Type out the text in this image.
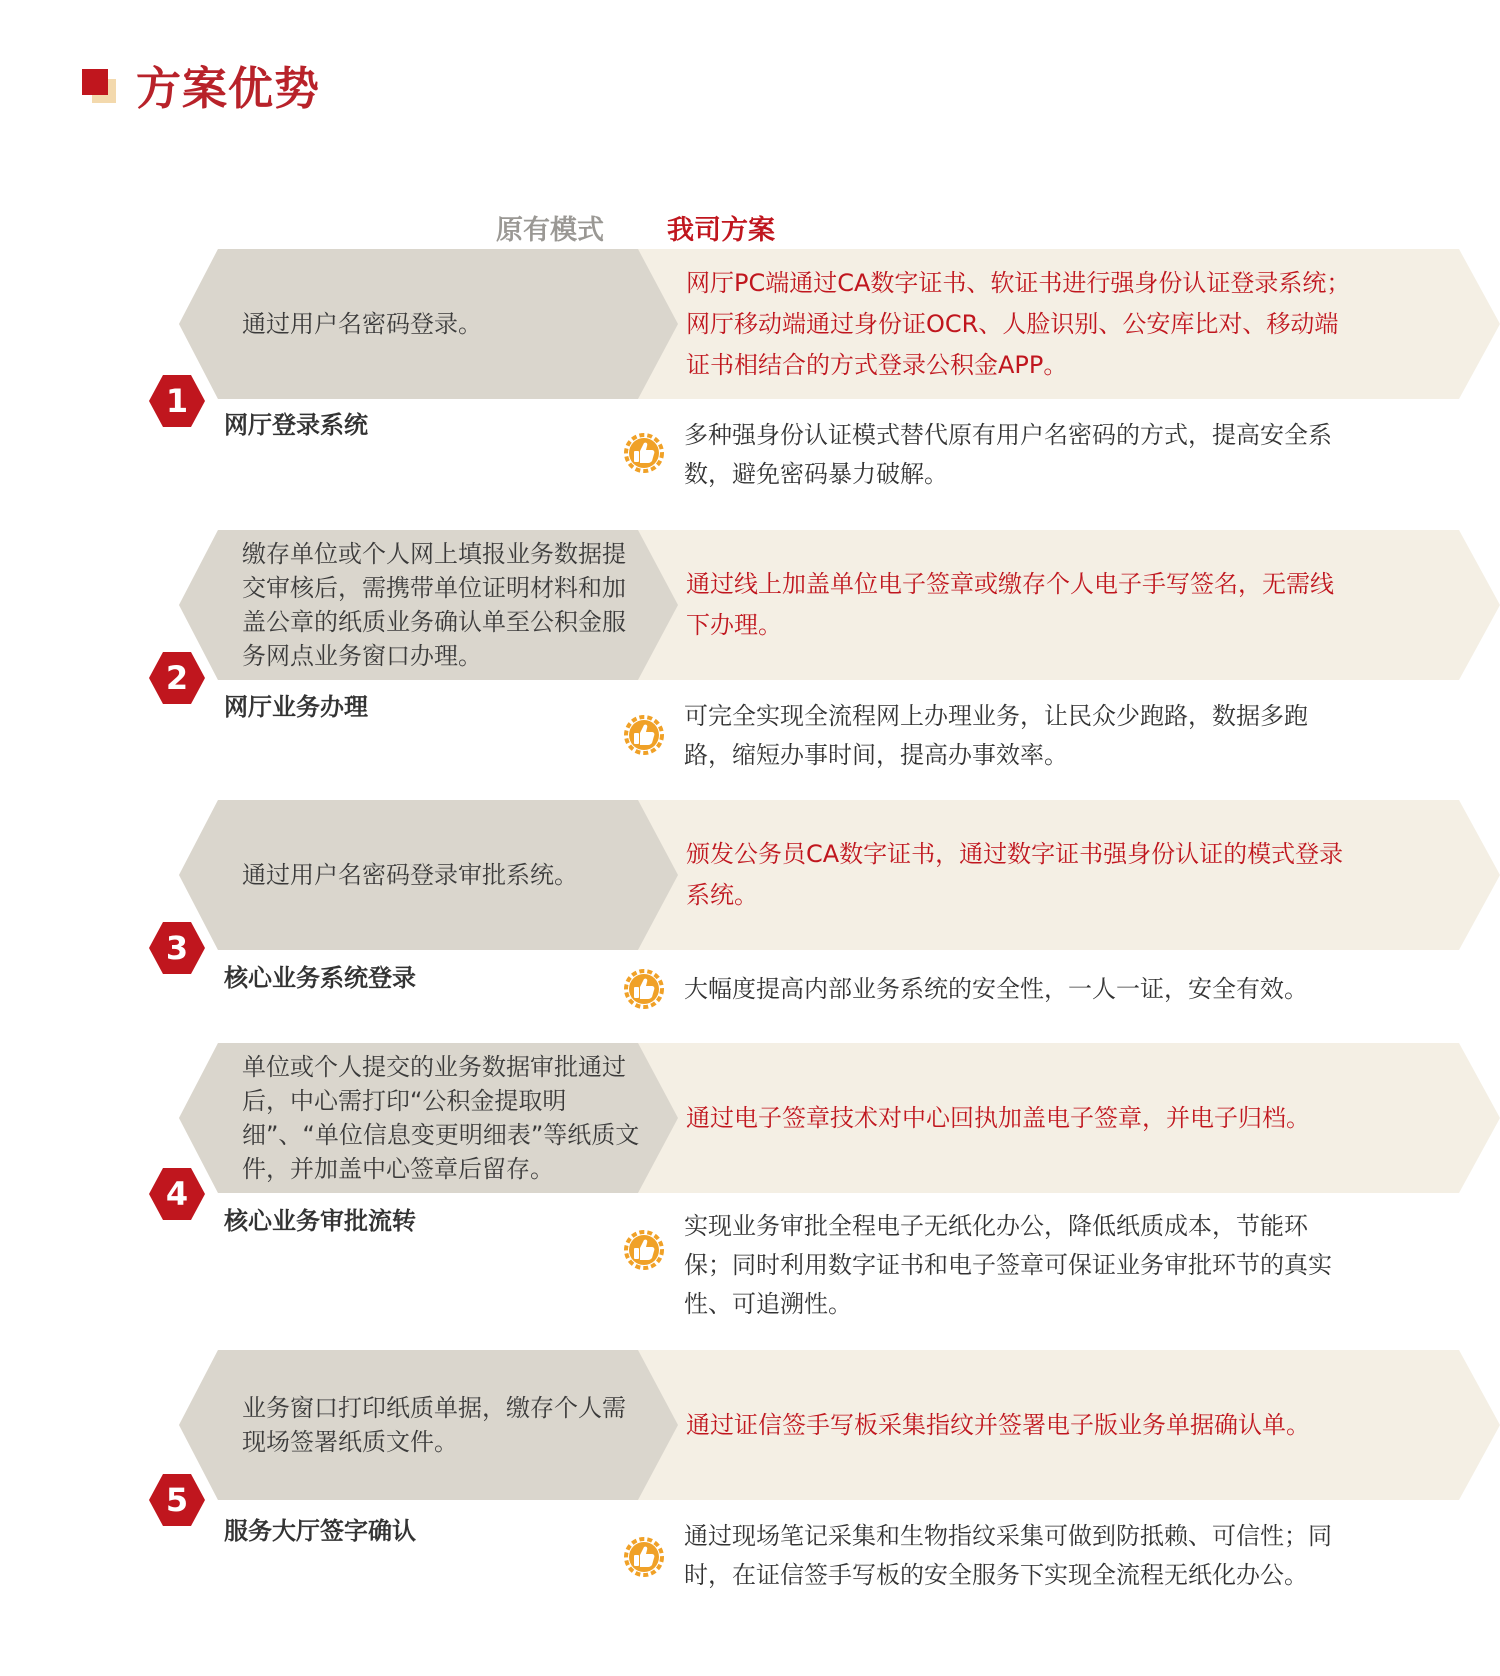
方案优势
原有模式 我司方案
通过用户名密码登录。
网厅PC端通过CA数字证书、软证书进行强身份认证登录系统；网厅移动端通过身份证OCR、人脸识别、公安库比对、移动端证书相结合的方式登录公积金APP。
1
网厅登录系统	多种强身份认证模式替代原有用户名密码的方式，提高安全系数，避免密码暴力破解。
缴存单位或个人网上填报业务数据提交审核后，需携带单位证明材料和加盖公章的纸质业务确认单至公积金服务网点业务窗口办理。
通过线上加盖单位电子签章或缴存个人电子手写签名，无需线下办理。
2
网厅业务办理	可完全实现全流程网上办理业务，让民众少跑路，数据多跑路，缩短办事时间，提高办事效率。
通过用户名密码登录审批系统。
颁发公务员CA数字证书，通过数字证书强身份认证的模式登录系统。
3
核心业务系统登录	大幅度提高内部业务系统的安全性，一人一证，安全有效。
单位或个人提交的业务数据审批通过后，中心需打印“公积金提取明细”、“单位信息变更明细表”等纸质文件，并加盖中心签章后留存。
通过电子签章技术对中心回执加盖电子签章，并电子归档。
4
核心业务审批流转	实现业务审批全程电子无纸化办公，降低纸质成本，节能环保；同时利用数字证书和电子签章可保证业务审批环节的真实性、可追溯性。
业务窗口打印纸质单据，缴存个人需现场签署纸质文件。
通过证信签手写板采集指纹并签署电子版业务单据确认单。
5
服务大厅签字确认	通过现场笔记采集和生物指纹采集可做到防抵赖、可信性；同时，在证信签手写板的安全服务下实现全流程无纸化办公。
